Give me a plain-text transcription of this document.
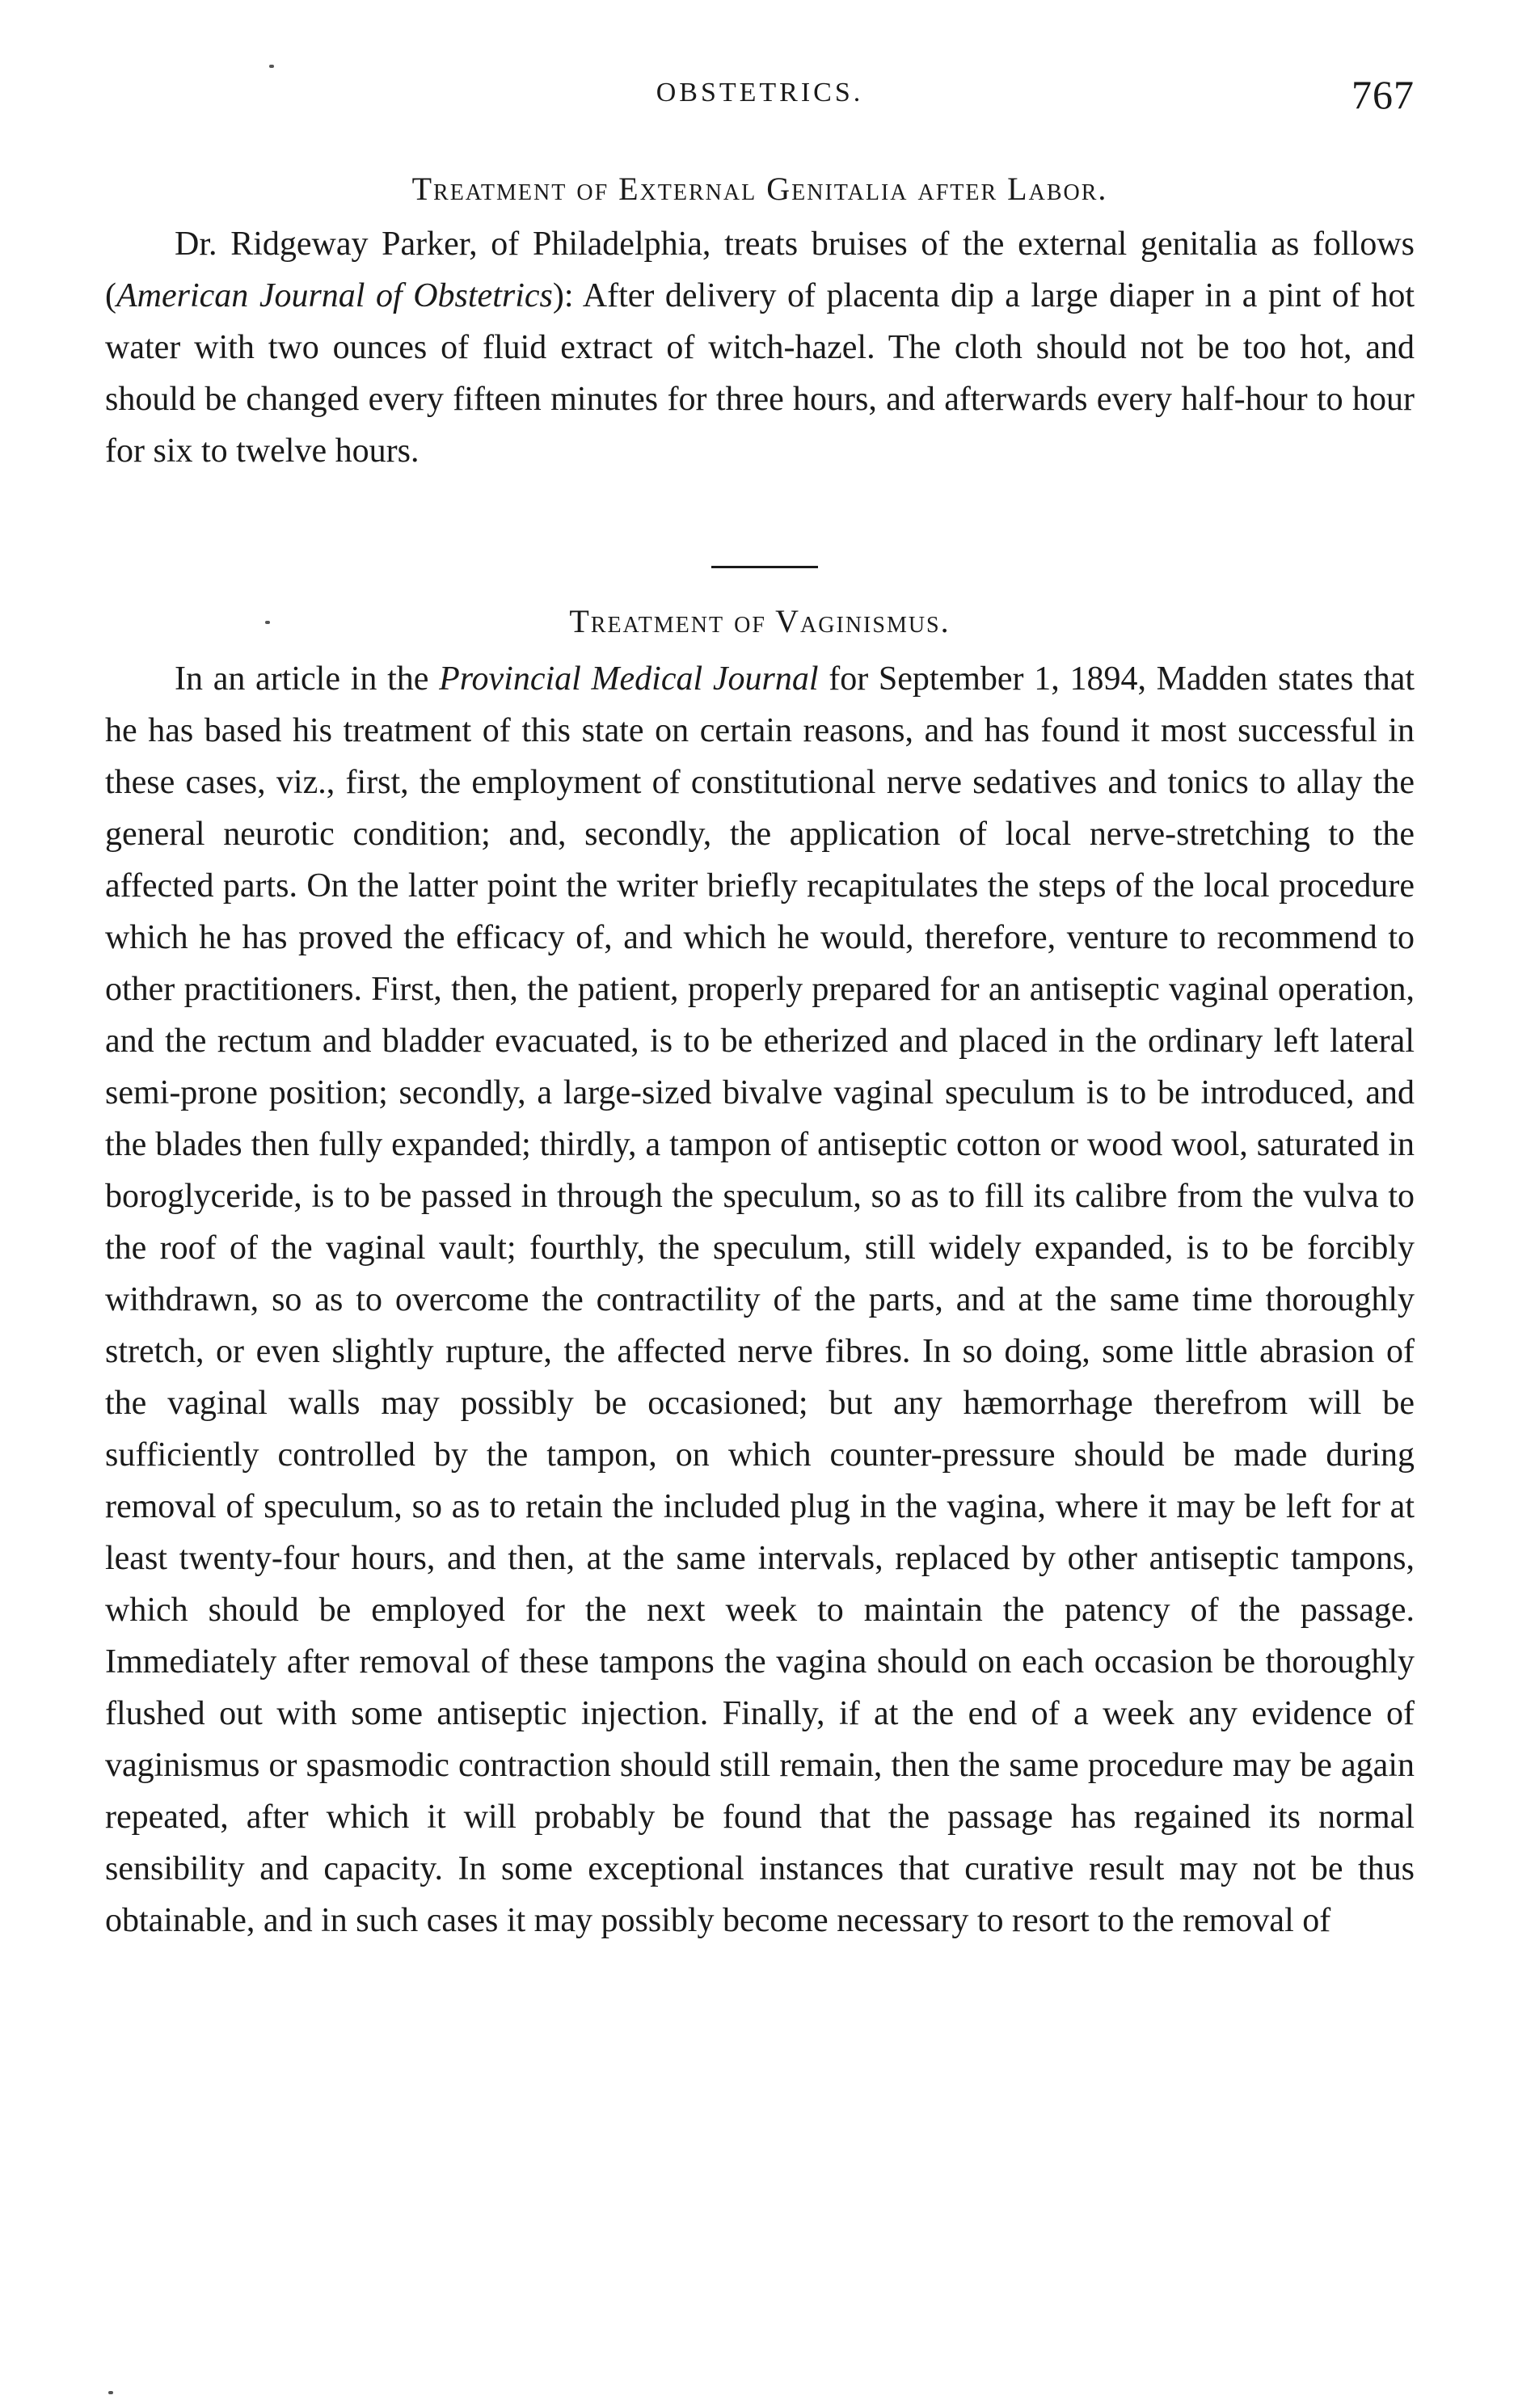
OBSTETRICS.	767
Treatment of External Genitalia after Labor.

Dr. Ridgeway Parker, of Philadelphia, treats bruises of the external genitalia as follows (American Journal of Obstetrics): After delivery of placenta dip a large diaper in a pint of hot water with two ounces of fluid extract of witch-hazel. The cloth should not be too hot, and should be changed every fifteen minutes for three hours, and afterwards every half-hour to hour for six to twelve hours.

Treatment of Vaginismus.

In an article in the Provincial Medical Journal for September 1, 1894, Madden states that he has based his treatment of this state on certain reasons, and has found it most successful in these cases, viz., first, the employment of constitutional nerve sedatives and tonics to allay the general neurotic condition; and, secondly, the application of local nerve-stretching to the affected parts. On the latter point the writer briefly recapitulates the steps of the local procedure which he has proved the efficacy of, and which he would, therefore, venture to recommend to other practitioners. First, then, the patient, properly prepared for an antiseptic vaginal operation, and the rectum and bladder evacuated, is to be etherized and placed in the ordinary left lateral semi-prone position; secondly, a large-sized bivalve vaginal speculum is to be introduced, and the blades then fully expanded; thirdly, a tampon of antiseptic cotton or wood wool, saturated in boroglyceride, is to be passed in through the speculum, so as to fill its calibre from the vulva to the roof of the vaginal vault; fourthly, the speculum, still widely expanded, is to be forcibly withdrawn, so as to overcome the contractility of the parts, and at the same time thoroughly stretch, or even slightly rupture, the affected nerve fibres. In so doing, some little abrasion of the vaginal walls may possibly be occasioned; but any hæmorrhage therefrom will be sufficiently controlled by the tampon, on which counter-pressure should be made during removal of speculum, so as to retain the included plug in the vagina, where it may be left for at least twenty-four hours, and then, at the same intervals, replaced by other antiseptic tampons, which should be employed for the next week to maintain the patency of the passage. Immediately after removal of these tampons the vagina should on each occasion be thoroughly flushed out with some antiseptic injection. Finally, if at the end of a week any evidence of vaginismus or spasmodic contraction should still remain, then the same procedure may be again repeated, after which it will probably be found that the passage has regained its normal sensibility and capacity. In some exceptional instances that curative result may not be thus obtainable, and in such cases it may possibly become necessary to resort to the removal of
